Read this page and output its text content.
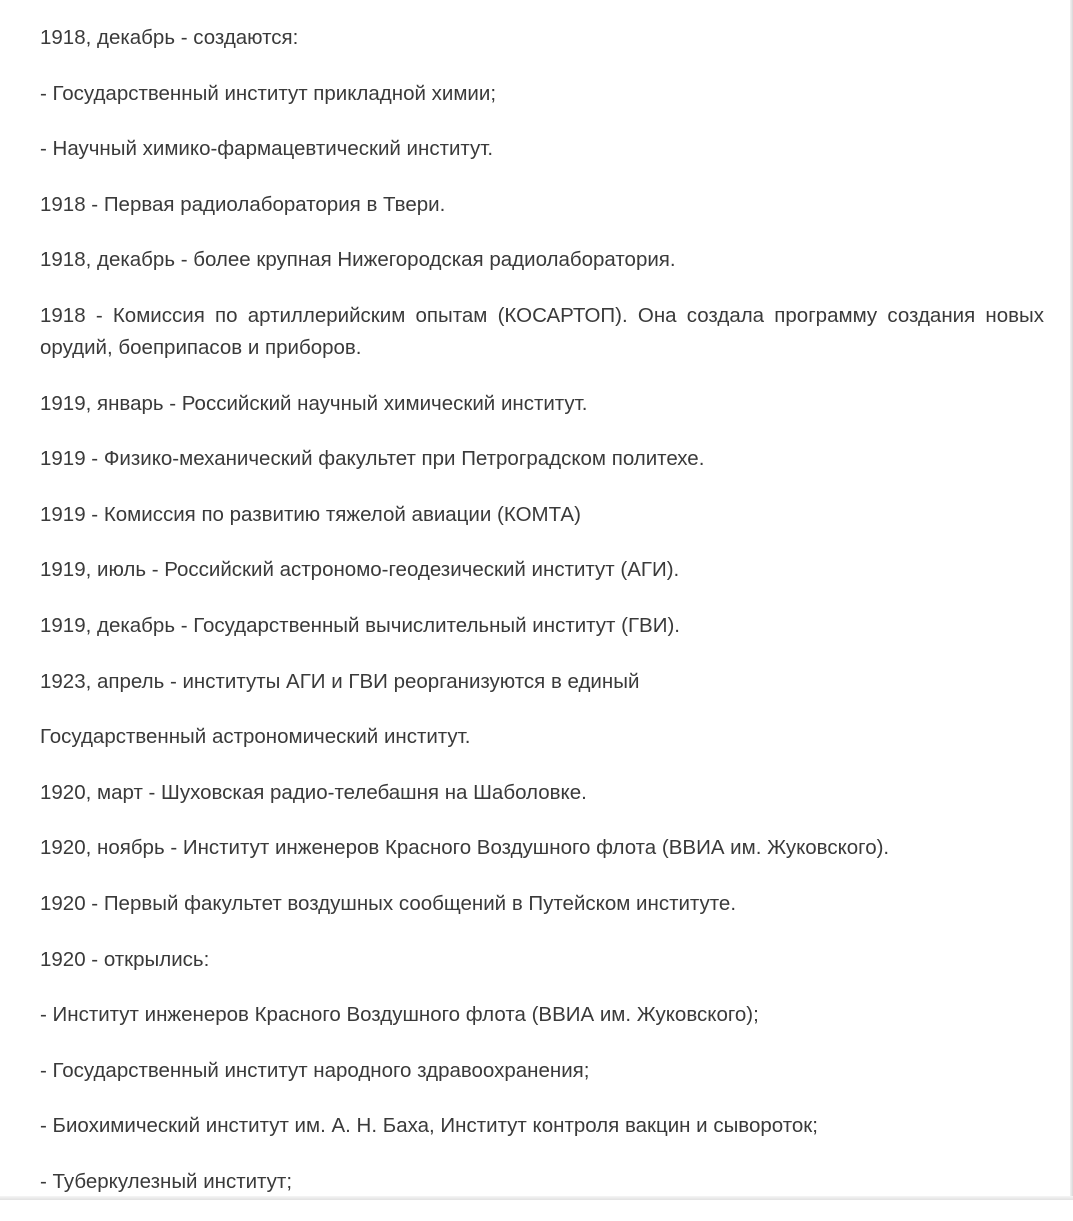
1918, декабрь - создаются:

- Государственный институт прикладной химии;

- Научный химико-фармацевтический институт.

1918 - Первая радиолаборатория в Твери.

1918, декабрь - более крупная Нижегородская радиолаборатория.

1918 - Комиссия по артиллерийским опытам (КОСАРТОП). Она создала программу создания новых орудий, боеприпасов и приборов.

1919, январь - Российский научный химический институт.

1919 - Физико-механический факультет при Петроградском политехе.

1919 - Комиссия по развитию тяжелой авиации (КОМТА)

1919, июль - Российский астрономо-геодезический институт (АГИ).

1919, декабрь - Государственный вычислительный институт (ГВИ).

1923, апрель - институты АГИ и ГВИ реорганизуются в единый

Государственный астрономический институт.

1920, март - Шуховская радио-телебашня на Шаболовке.

1920, ноябрь - Институт инженеров Красного Воздушного флота (ВВИА им. Жуковского).

1920 - Первый факультет воздушных сообщений в Путейском институте.

1920 - открылись:

- Институт инженеров Красного Воздушного флота (ВВИА им. Жуковского);

- Государственный институт народного здравоохранения;

- Биохимический институт им. А. Н. Баха, Институт контроля вакцин и сывороток;

- Туберкулезный институт;
